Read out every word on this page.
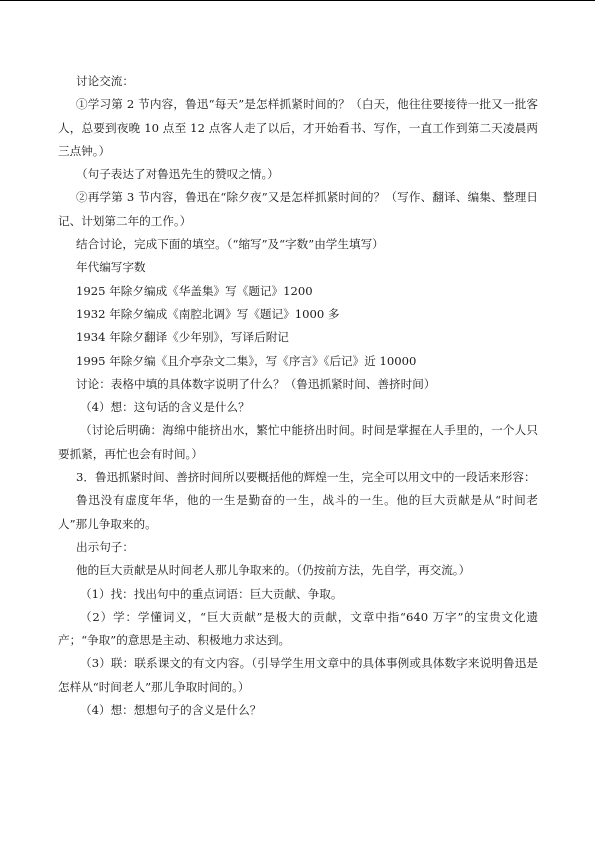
讨论交流：

①学习第 2 节内容，鲁迅“每天”是怎样抓紧时间的？（白天，他往往要接待一批又一批客人，总要到夜晚 10 点至 12 点客人走了以后，才开始看书、写作，一直工作到第二天凌晨两三点钟。）

（句子表达了对鲁迅先生的赞叹之情。）

②再学第 3 节内容，鲁迅在“除夕夜”又是怎样抓紧时间的？（写作、翻译、编集、整理日记、计划第二年的工作。）

结合讨论，完成下面的填空。（“缩写”及“字数”由学生填写）

年代编写字数

1925 年除夕编成《华盖集》写《题记》1200

1932 年除夕编成《南腔北调》写《题记》1000 多

1934 年除夕翻译《少年别》，写译后附记

1995 年除夕编《且介亭杂文二集》，写《序言》《后记》近 10000

讨论：表格中填的具体数字说明了什么？（鲁迅抓紧时间、善挤时间）

（4）想：这句话的含义是什么？

（讨论后明确：海绵中能挤出水，繁忙中能挤出时间。时间是掌握在人手里的，一个人只要抓紧，再忙也会有时间。）

3．鲁迅抓紧时间、善挤时间所以要概括他的辉煌一生，完全可以用文中的一段话来形容：

鲁迅没有虚度年华，他的一生是勤奋的一生，战斗的一生。他的巨大贡献是从“时间老人”那儿争取来的。

出示句子：

他的巨大贡献是从时间老人那儿争取来的。（仍按前方法，先自学，再交流。）

（1）找：找出句中的重点词语：巨大贡献、争取。

（2）学：学懂词义，“巨大贡献”是极大的贡献，文章中指“640 万字”的宝贵文化遗产；“争取”的意思是主动、积极地力求达到。

（3）联：联系课文的有文内容。（引导学生用文章中的具体事例或具体数字来说明鲁迅是怎样从“时间老人”那儿争取时间的。）

（4）想：想想句子的含义是什么？
